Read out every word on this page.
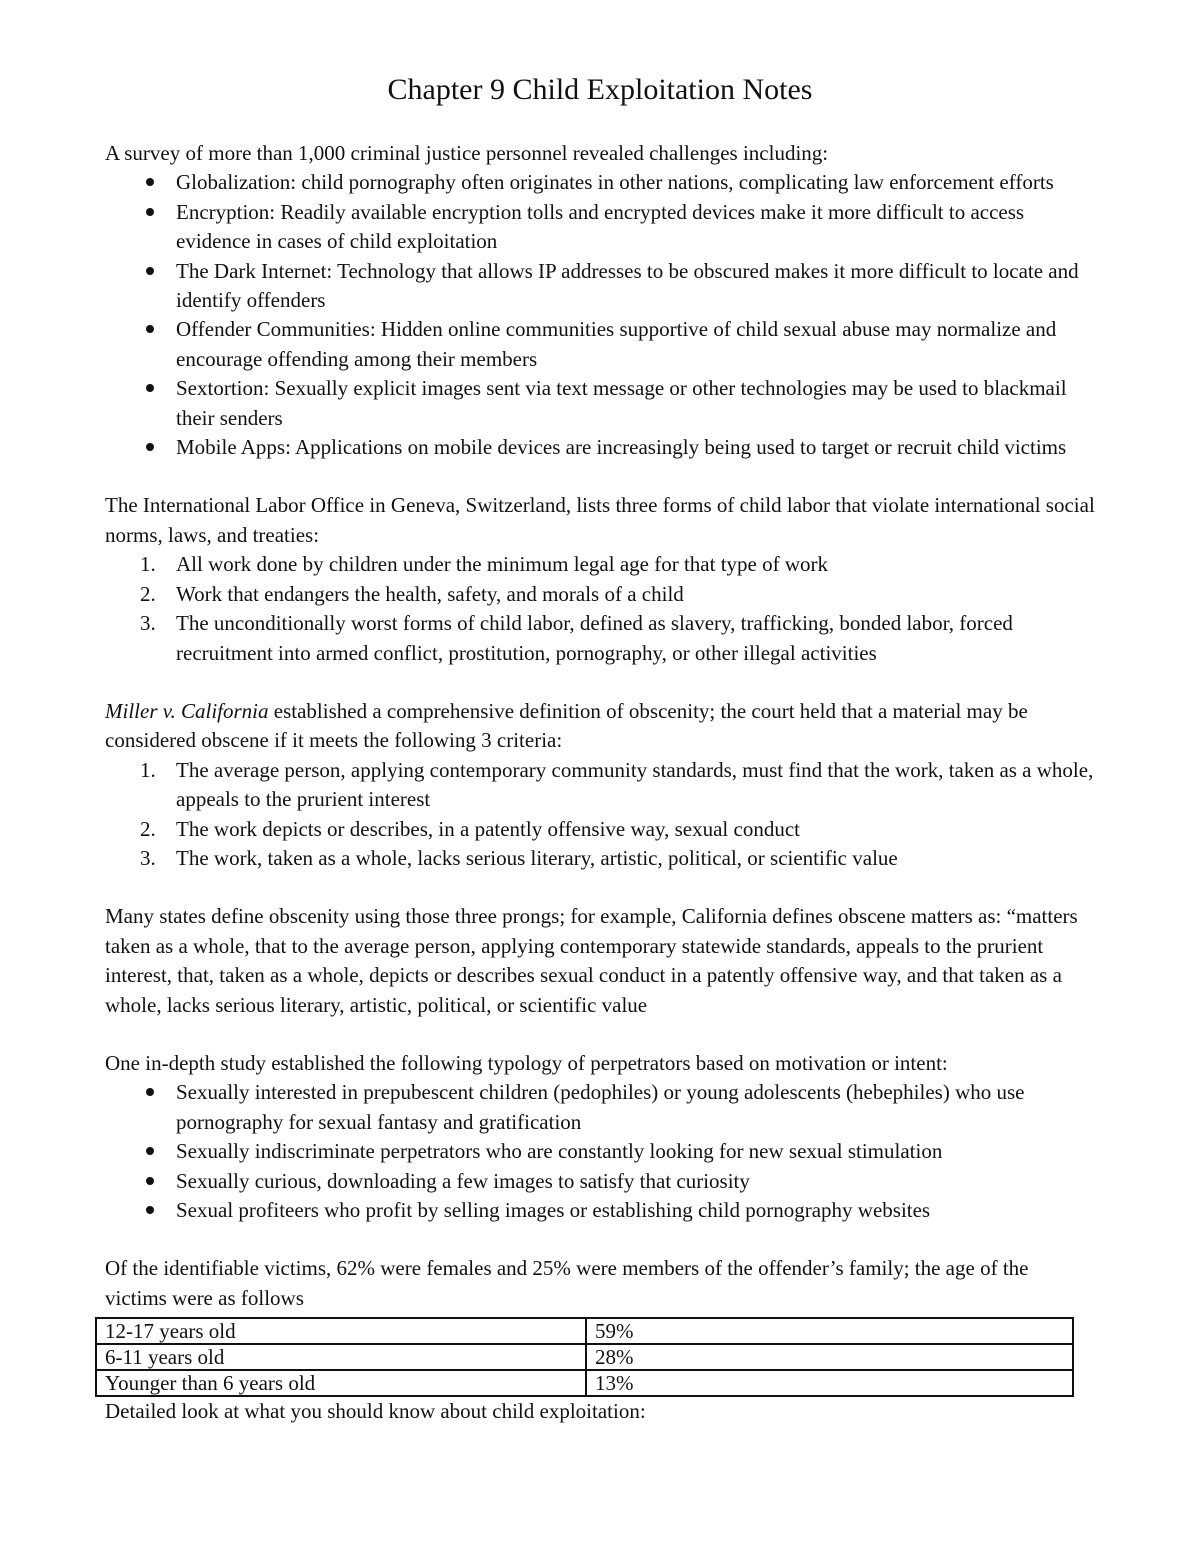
Chapter 9 Child Exploitation Notes

A survey of more than 1,000 criminal justice personnel revealed challenges including:

Globalization: child pornography often originates in other nations, complicating law enforcement efforts
Encryption: Readily available encryption tolls and encrypted devices make it more difficult to access evidence in cases of child exploitation
The Dark Internet: Technology that allows IP addresses to be obscured makes it more difficult to locate and identify offenders
Offender Communities: Hidden online communities supportive of child sexual abuse may normalize and encourage offending among their members
Sextortion: Sexually explicit images sent via text message or other technologies may be used to blackmail their senders
Mobile Apps: Applications on mobile devices are increasingly being used to target or recruit child victims

The International Labor Office in Geneva, Switzerland, lists three forms of child labor that violate international social norms, laws, and treaties:

1. All work done by children under the minimum legal age for that type of work
2. Work that endangers the health, safety, and morals of a child
3. The unconditionally worst forms of child labor, defined as slavery, trafficking, bonded labor, forced recruitment into armed conflict, prostitution, pornography, or other illegal activities

Miller v. California established a comprehensive definition of obscenity; the court held that a material may be considered obscene if it meets the following 3 criteria:

1. The average person, applying contemporary community standards, must find that the work, taken as a whole, appeals to the prurient interest
2. The work depicts or describes, in a patently offensive way, sexual conduct
3. The work, taken as a whole, lacks serious literary, artistic, political, or scientific value

Many states define obscenity using those three prongs; for example, California defines obscene matters as: “matters taken as a whole, that to the average person, applying contemporary statewide standards, appeals to the prurient interest, that, taken as a whole, depicts or describes sexual conduct in a patently offensive way, and that taken as a whole, lacks serious literary, artistic, political, or scientific value

One in-depth study established the following typology of perpetrators based on motivation or intent:

Sexually interested in prepubescent children (pedophiles) or young adolescents (hebephiles) who use pornography for sexual fantasy and gratification
Sexually indiscriminate perpetrators who are constantly looking for new sexual stimulation
Sexually curious, downloading a few images to satisfy that curiosity
Sexual profiteers who profit by selling images or establishing child pornography websites

Of the identifiable victims, 62% were females and 25% were members of the offender’s family; the age of the victims were as follows

12-17 years old	59%
6-11 years old	28%
Younger than 6 years old	13%

Detailed look at what you should know about child exploitation:
